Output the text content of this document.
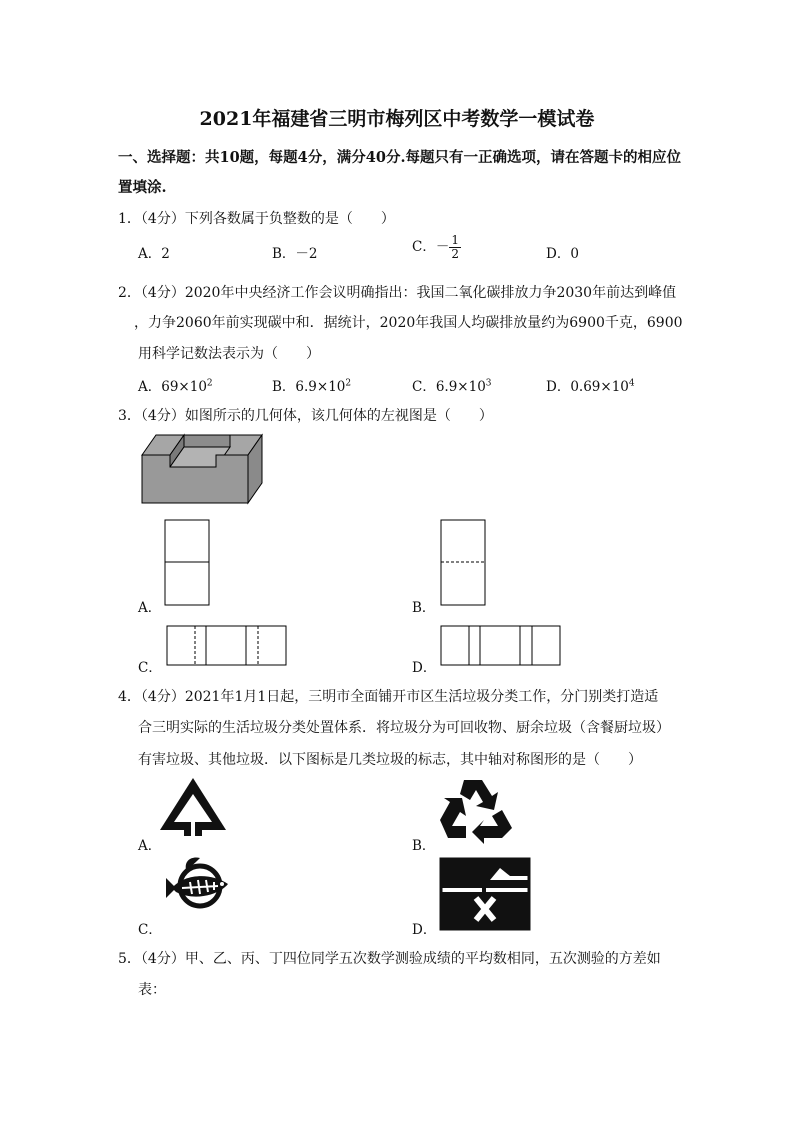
2021年福建省三明市梅列区中考数学一模试卷
一、选择题：共10题，每题4分，满分40分.每题只有一正确选项，请在答题卡的相应位
置填涂.
1．（4分）下列各数属于负整数的是（　　）
A．2	B．－2	C．－ $\frac{1}{2}$	D．0
2．（4分）2020年中央经济工作会议明确指出：我国二氧化碳排放力争2030年前达到峰值
，力争2060年前实现碳中和．据统计，2020年我国人均碳排放量约为6900千克，6900
用科学记数法表示为（　　）
A．$69\times 10^2$	B．$6.9\times 10^2$	C．$6.9\times 10^3$	D．$0.69\times 10^4$
3．（4分）如图所示的几何体，该几何体的左视图是（　　）
A．	B．
C．	D．
4．（4分）2021年1月1日起，三明市全面铺开市区生活垃圾分类工作，分门别类打造适
合三明实际的生活垃圾分类处置体系．将垃圾分为可回收物、厨余垃圾（含餐厨垃圾）
有害垃圾、其他垃圾．以下图标是几类垃圾的标志，其中轴对称图形的是（　　）
A．	B．
C．	D．
5．（4分）甲、乙、丙、丁四位同学五次数学测验成绩的平均数相同，五次测验的方差如
表：
